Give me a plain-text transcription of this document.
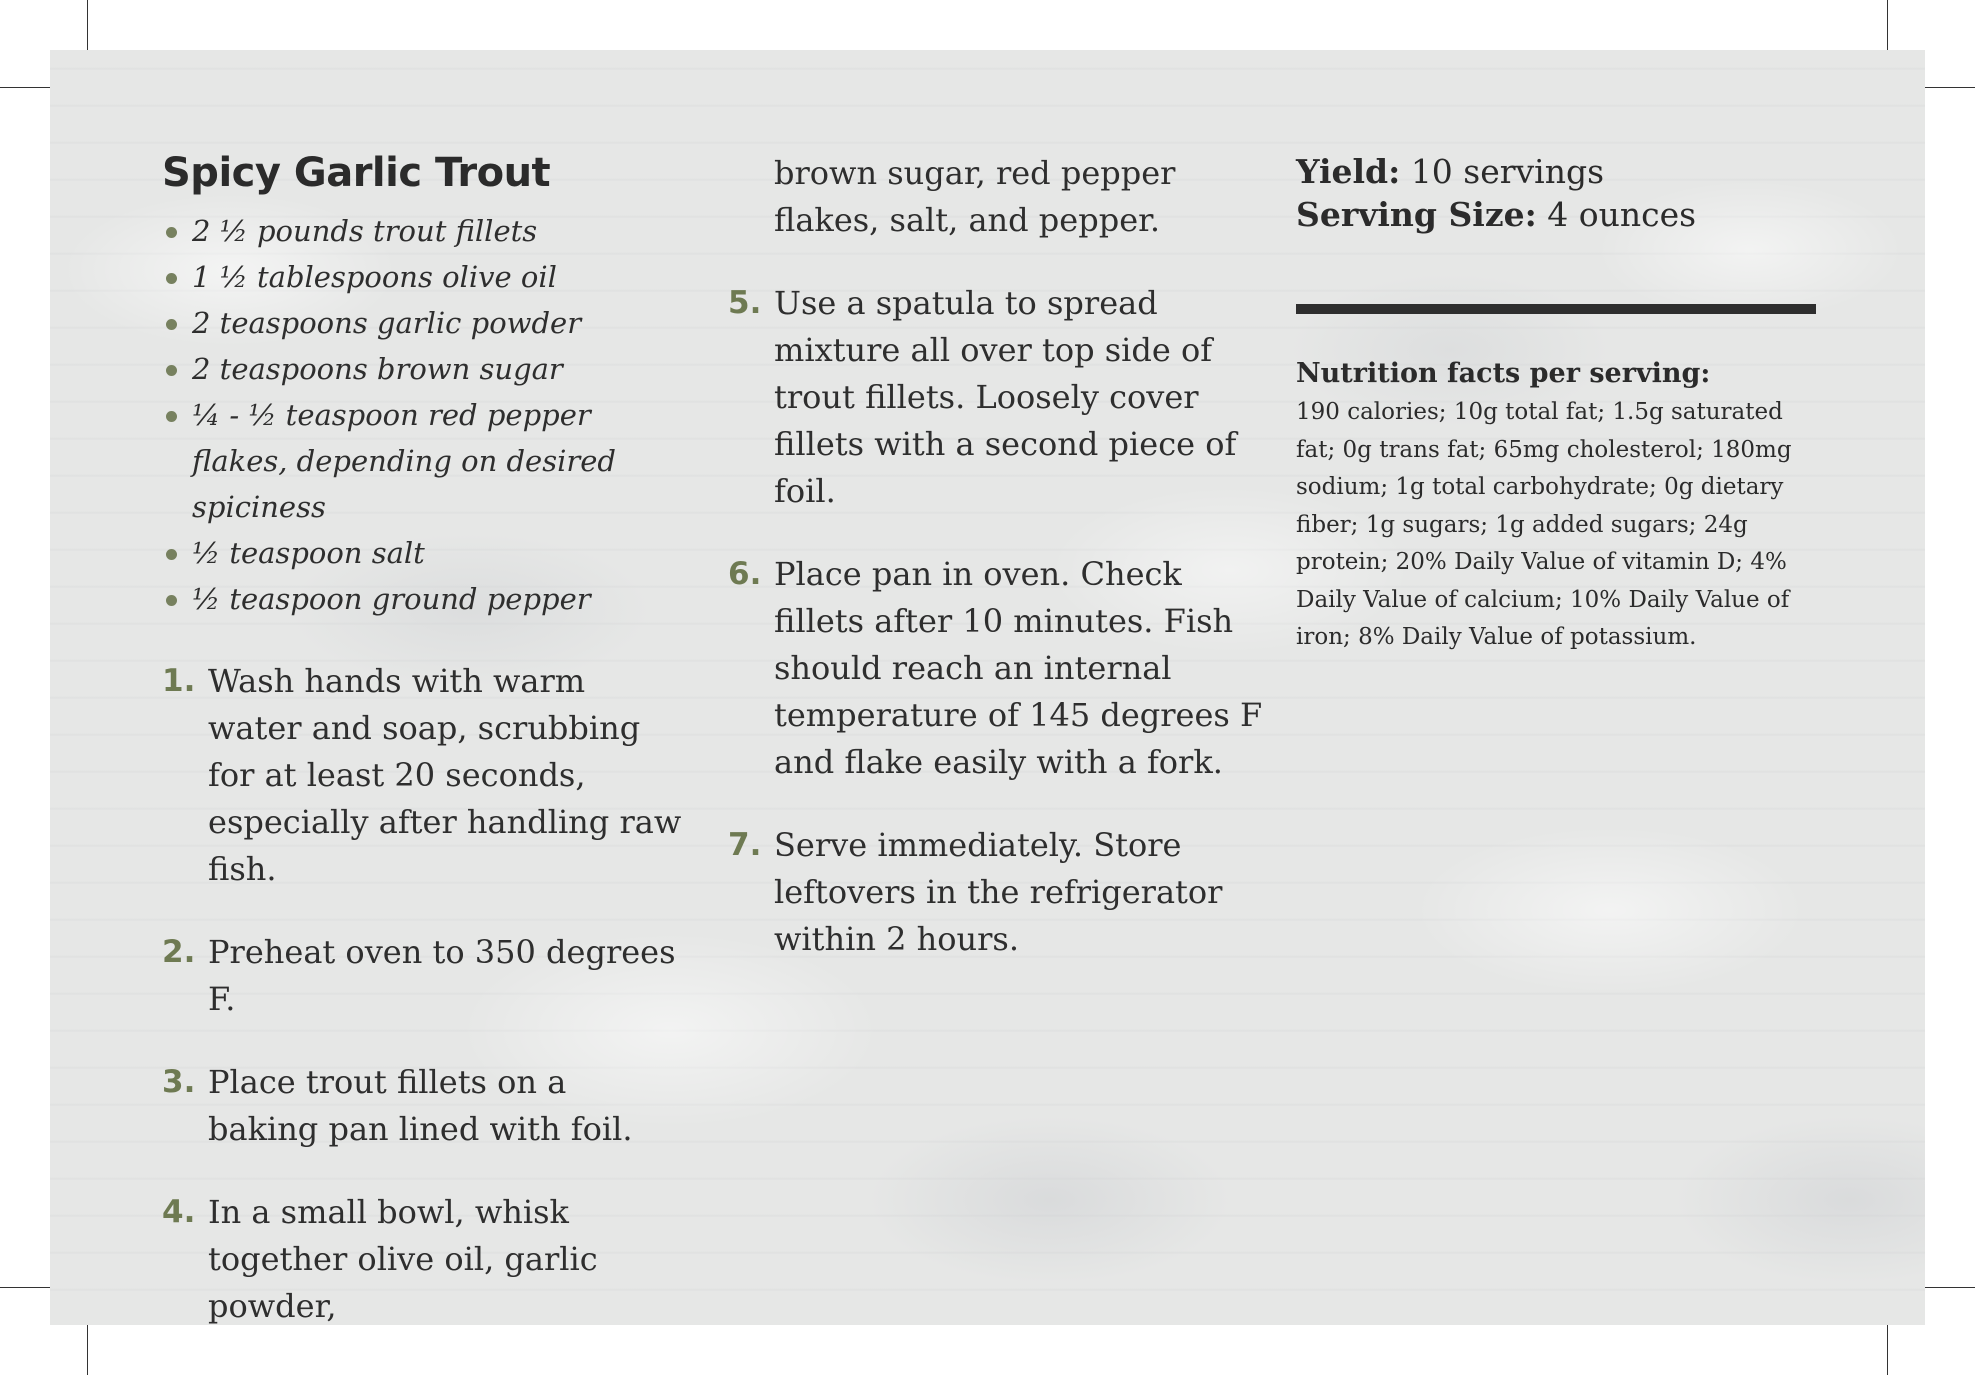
Spicy Garlic Trout
2 ½ pounds trout fillets
1 ½ tablespoons olive oil
2 teaspoons garlic powder
2 teaspoons brown sugar
¼ - ½ teaspoon red pepper flakes, depending on desired spiciness
½ teaspoon salt
½ teaspoon ground pepper
1. Wash hands with warm water and soap, scrubbing for at least 20 seconds, especially after handling raw fish.
2. Preheat oven to 350 degrees F.
3. Place trout fillets on a baking pan lined with foil.
4. In a small bowl, whisk together olive oil, garlic powder,
brown sugar, red pepper flakes, salt, and pepper.
5. Use a spatula to spread mixture all over top side of trout fillets. Loosely cover fillets with a second piece of foil.
6. Place pan in oven. Check fillets after 10 minutes. Fish should reach an internal temperature of 145 degrees F and flake easily with a fork.
7. Serve immediately. Store leftovers in the refrigerator within 2 hours.
Yield: 10 servings
Serving Size: 4 ounces
Nutrition facts per serving:
190 calories; 10g total fat; 1.5g saturated fat; 0g trans fat; 65mg cholesterol; 180mg sodium; 1g total carbohydrate; 0g dietary fiber; 1g sugars; 1g added sugars; 24g protein; 20% Daily Value of vitamin D; 4% Daily Value of calcium; 10% Daily Value of iron; 8% Daily Value of potassium.
